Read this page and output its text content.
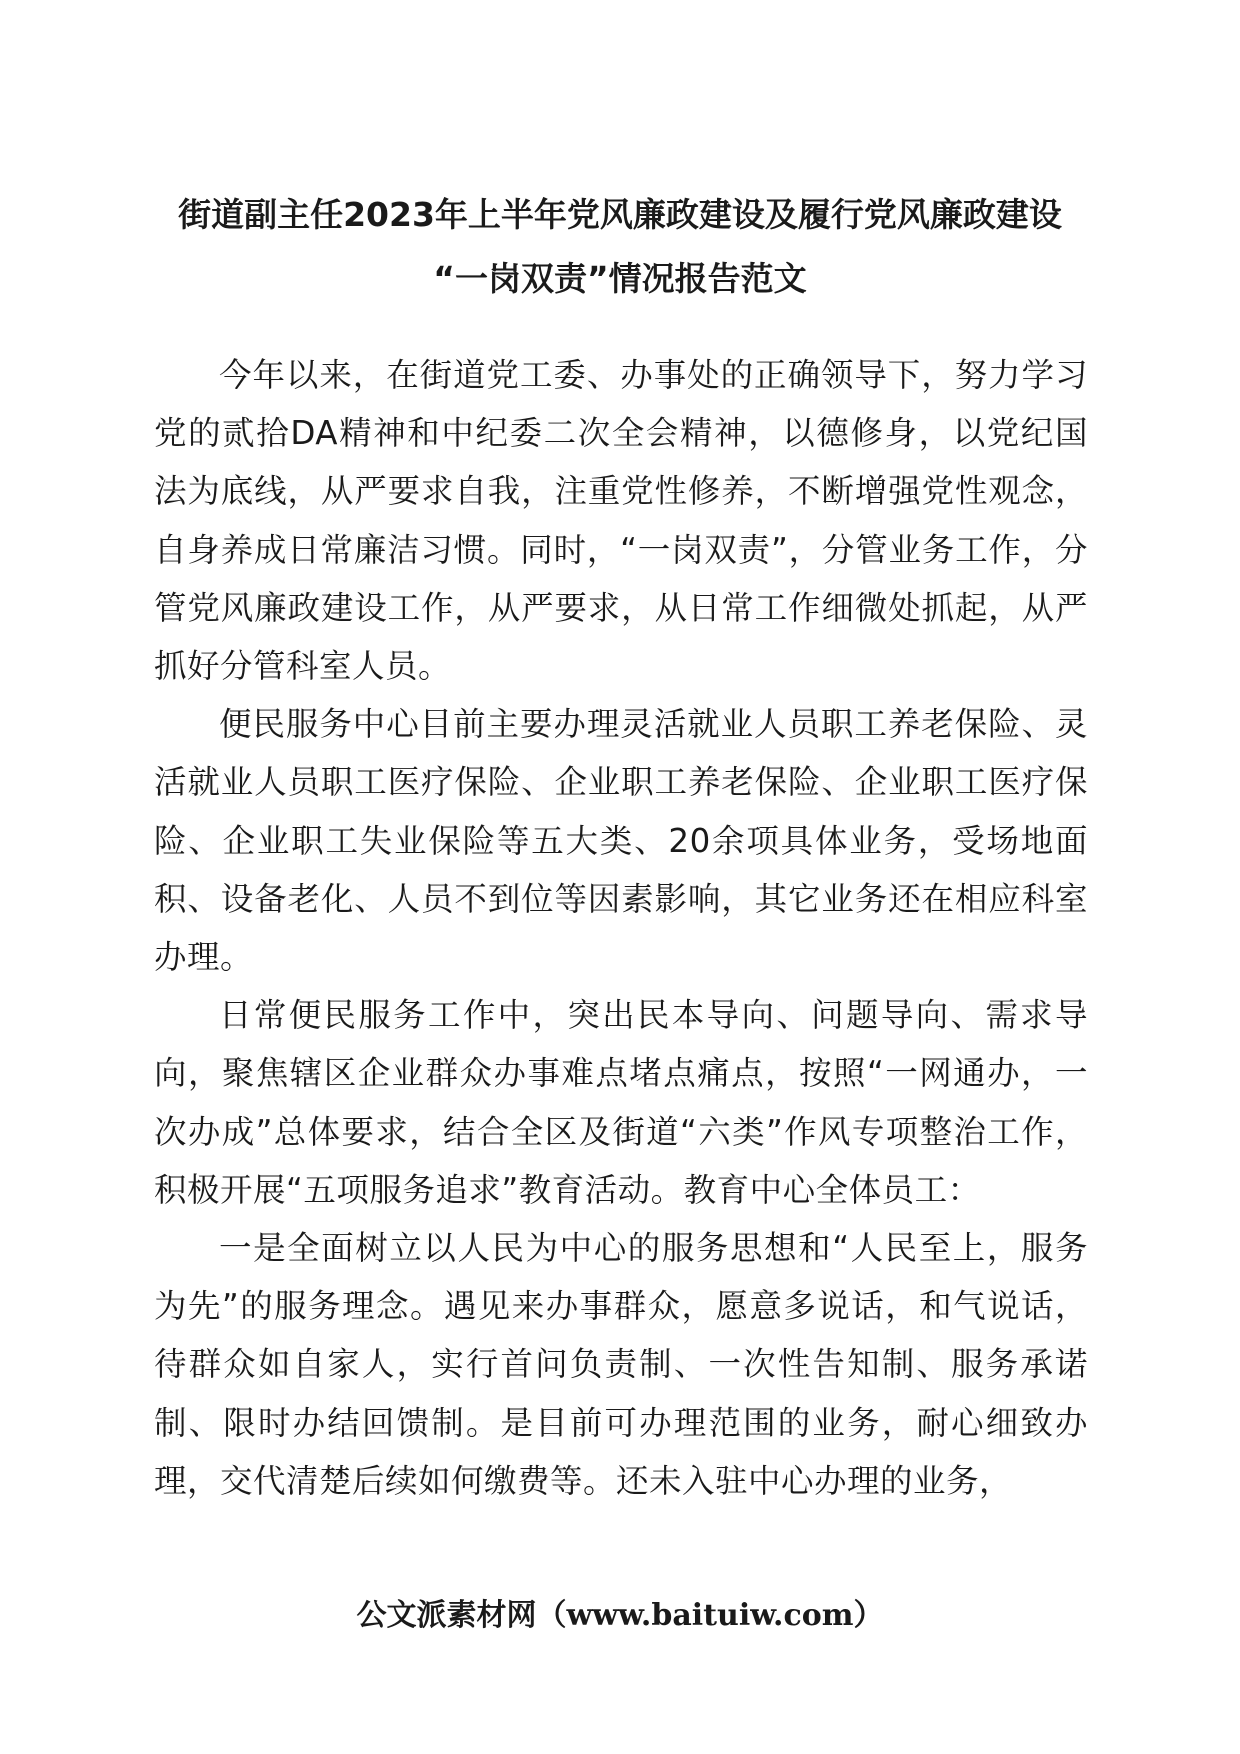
街道副主任2023年上半年党风廉政建设及履行党风廉政建设
“一岗双责”情况报告范文

今年以来，在街道党工委、办事处的正确领导下，努力学习党的贰拾DA精神和中纪委二次全会精神，以德修身，以党纪国法为底线，从严要求自我，注重党性修养，不断增强党性观念，自身养成日常廉洁习惯。同时，“一岗双责”，分管业务工作，分管党风廉政建设工作，从严要求，从日常工作细微处抓起，从严抓好分管科室人员。

便民服务中心目前主要办理灵活就业人员职工养老保险、灵活就业人员职工医疗保险、企业职工养老保险、企业职工医疗保险、企业职工失业保险等五大类、20余项具体业务，受场地面积、设备老化、人员不到位等因素影响，其它业务还在相应科室办理。

日常便民服务工作中，突出民本导向、问题导向、需求导向，聚焦辖区企业群众办事难点堵点痛点，按照“一网通办，一次办成”总体要求，结合全区及街道“六类”作风专项整治工作，积极开展“五项服务追求”教育活动。教育中心全体员工：

一是全面树立以人民为中心的服务思想和“人民至上，服务为先”的服务理念。遇见来办事群众，愿意多说话，和气说话，待群众如自家人，实行首问负责制、一次性告知制、服务承诺制、限时办结回馈制。是目前可办理范围的业务，耐心细致办理，交代清楚后续如何缴费等。还未入驻中心办理的业务，

公文派素材网（www.baituiw.com）
